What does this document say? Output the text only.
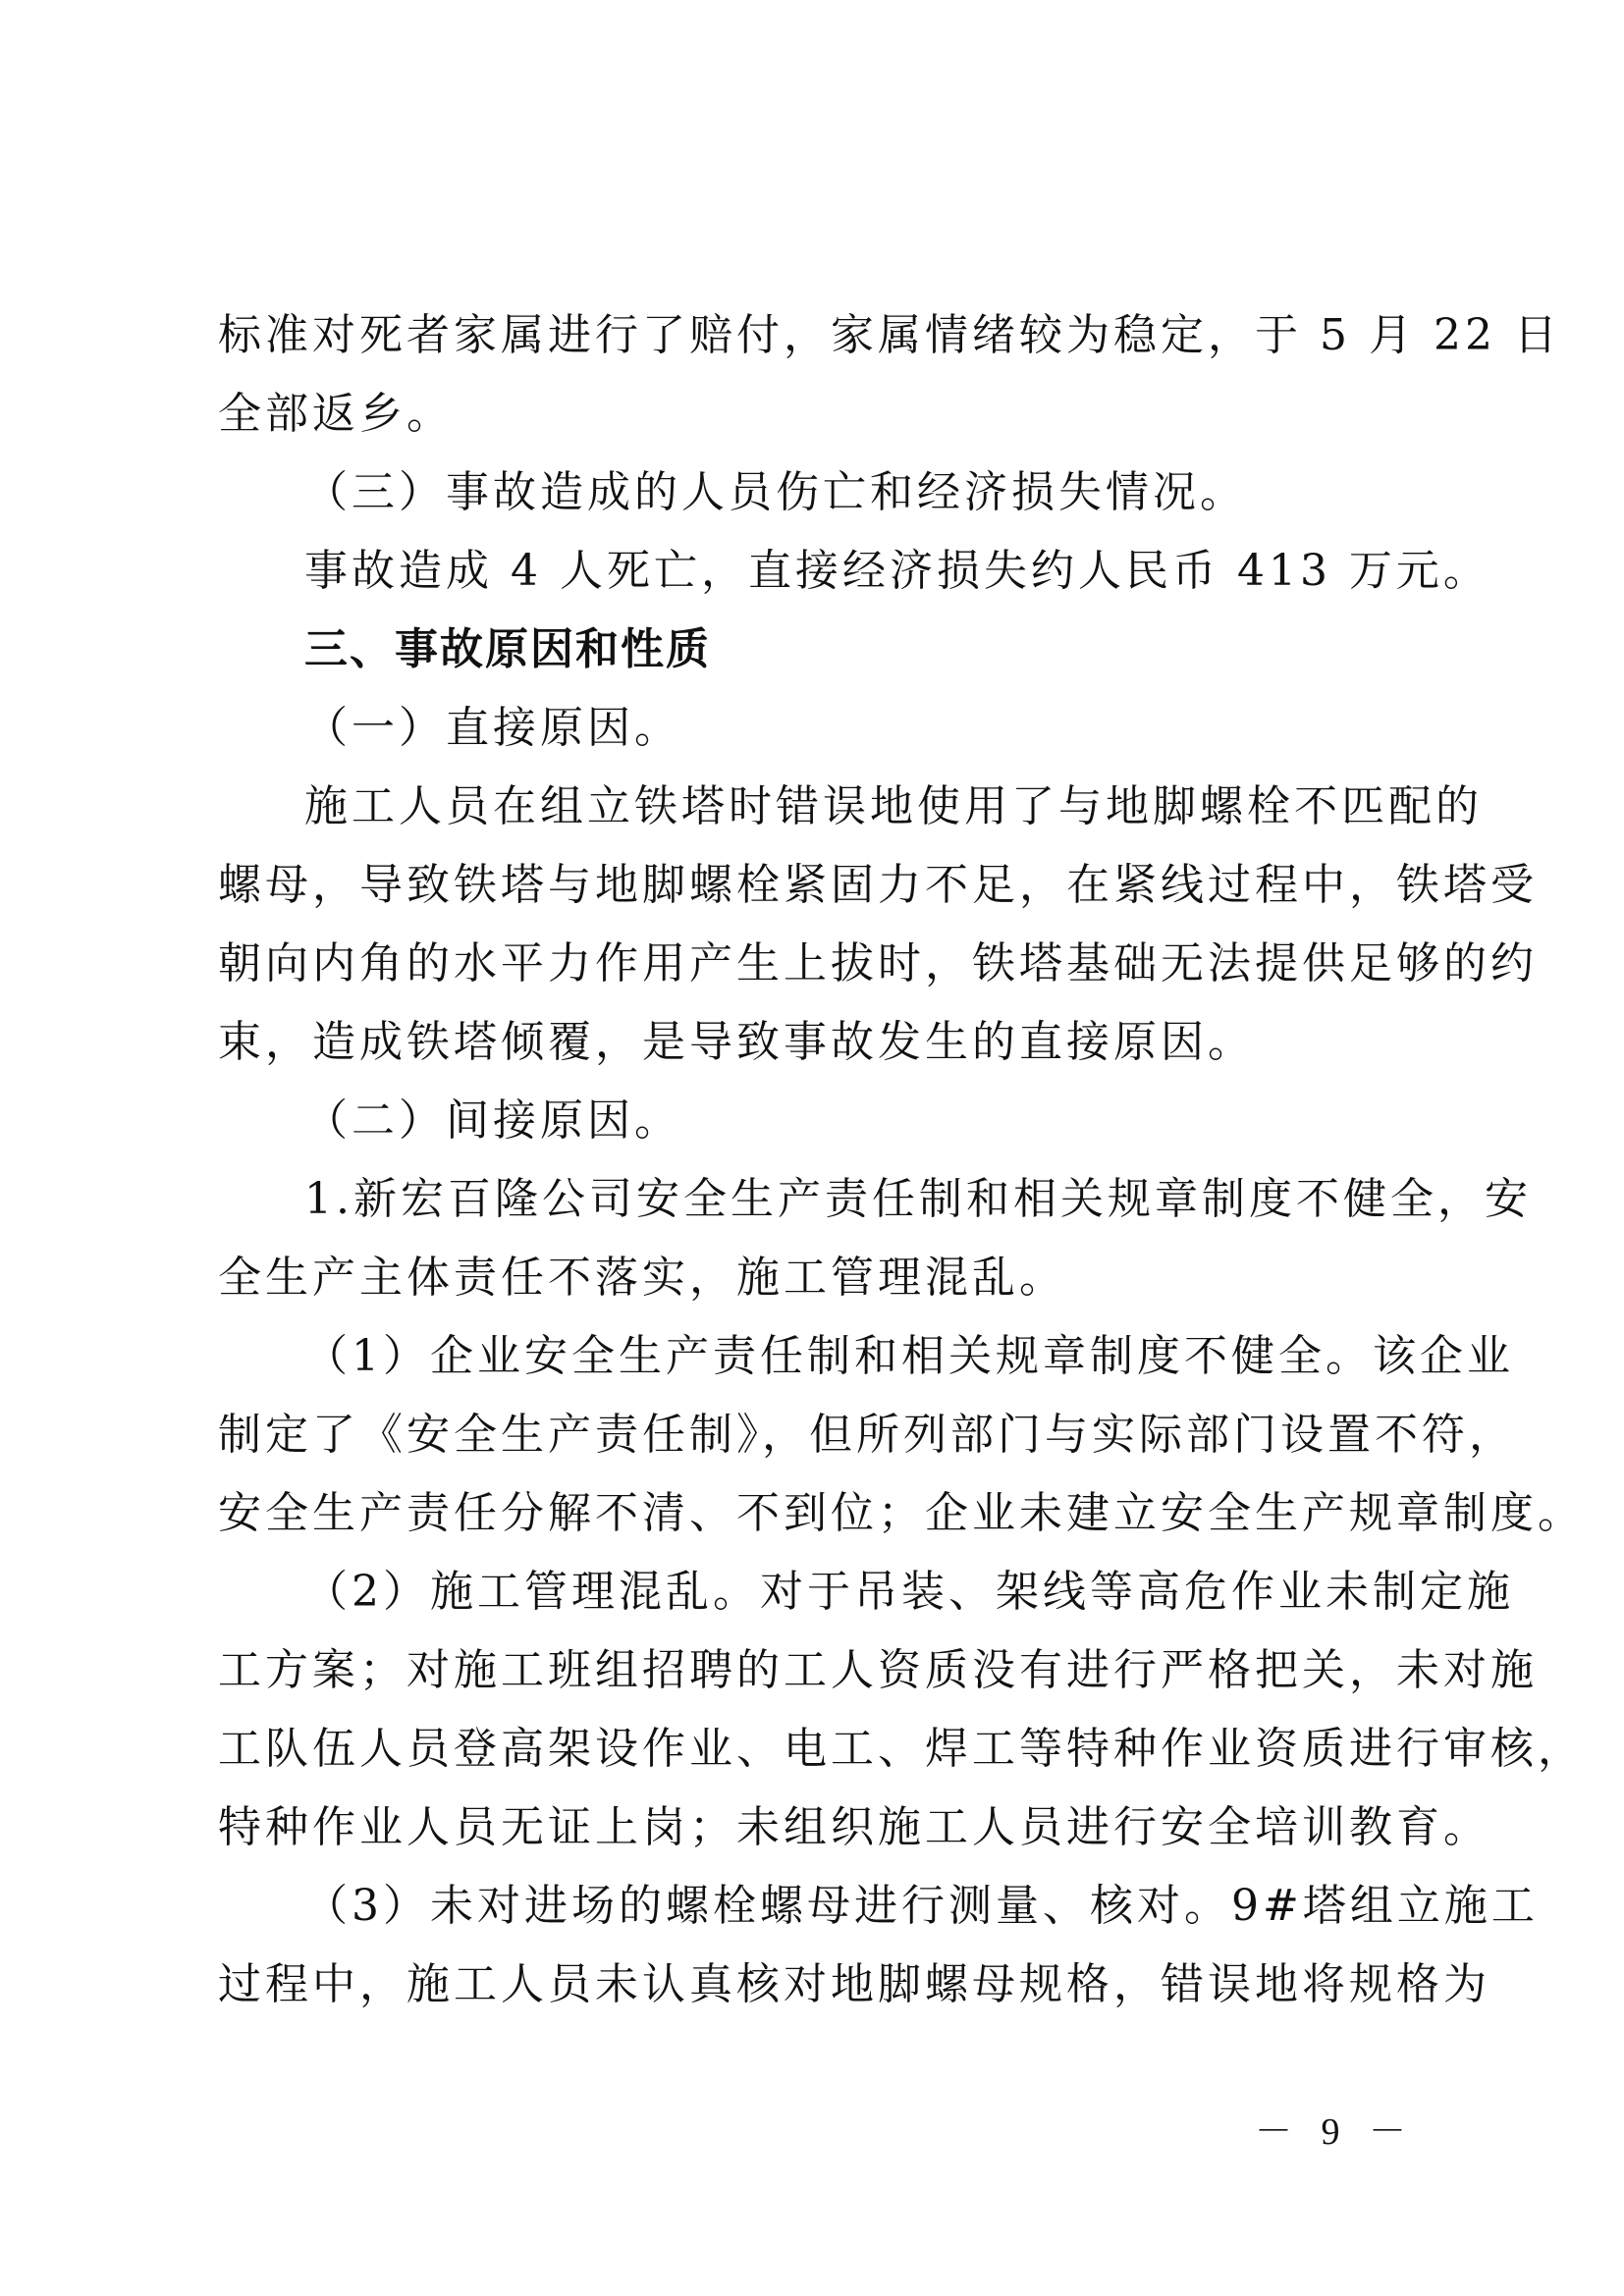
标准对死者家属进行了赔付，家属情绪较为稳定，于 5 月 22 日
全部返乡。
（三）事故造成的人员伤亡和经济损失情况。
事故造成 4 人死亡，直接经济损失约人民币 413 万元。
三、事故原因和性质
（一）直接原因。
施工人员在组立铁塔时错误地使用了与地脚螺栓不匹配的
螺母，导致铁塔与地脚螺栓紧固力不足，在紧线过程中，铁塔受
朝向内角的水平力作用产生上拔时，铁塔基础无法提供足够的约
束，造成铁塔倾覆，是导致事故发生的直接原因。
（二）间接原因。
1.新宏百隆公司安全生产责任制和相关规章制度不健全，安
全生产主体责任不落实，施工管理混乱。
（1）企业安全生产责任制和相关规章制度不健全。该企业
制定了《安全生产责任制》，但所列部门与实际部门设置不符，
安全生产责任分解不清、不到位；企业未建立安全生产规章制度。
（2）施工管理混乱。对于吊装、架线等高危作业未制定施
工方案；对施工班组招聘的工人资质没有进行严格把关，未对施
工队伍人员登高架设作业、电工、焊工等特种作业资质进行审核，
特种作业人员无证上岗；未组织施工人员进行安全培训教育。
（3）未对进场的螺栓螺母进行测量、核对。9#塔组立施工
过程中，施工人员未认真核对地脚螺母规格，错误地将规格为
－ 9 －
